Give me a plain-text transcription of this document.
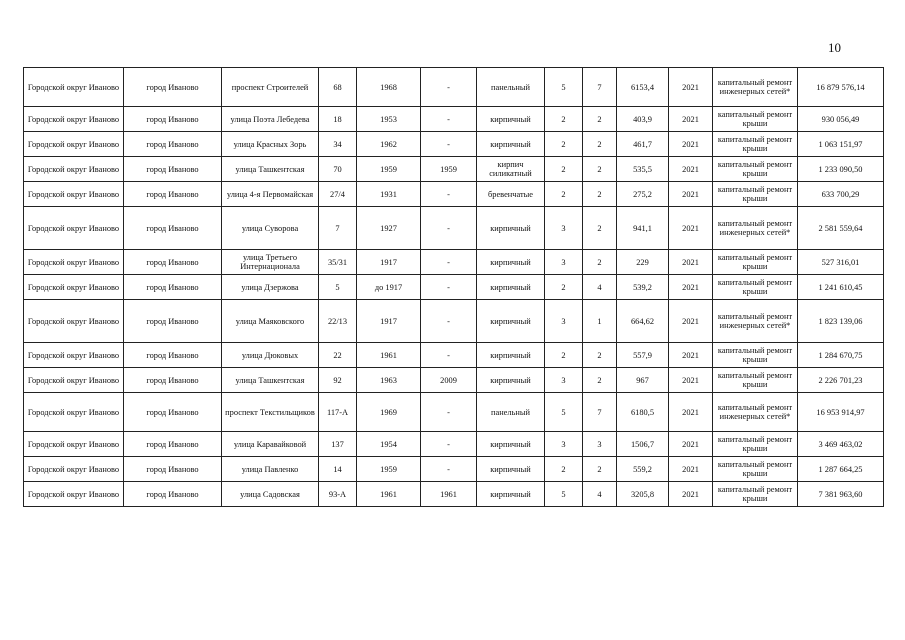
10
Городской округ Иваново	город Иваново	проспект Строителей	68	1968	-	панельный	5	7	6153,4	2021	капитальный ремонт инженерных сетей*	16 879 576,14
Городской округ Иваново	город Иваново	улица Поэта Лебедева	18	1953	-	кирпичный	2	2	403,9	2021	капитальный ремонт крыши	930 056,49
Городской округ Иваново	город Иваново	улица Красных Зорь	34	1962	-	кирпичный	2	2	461,7	2021	капитальный ремонт крыши	1 063 151,97
Городской округ Иваново	город Иваново	улица Ташкентская	70	1959	1959	кирпич силикатный	2	2	535,5	2021	капитальный ремонт крыши	1 233 090,50
Городской округ Иваново	город Иваново	улица 4-я Первомайская	27/4	1931	-	бревенчатые	2	2	275,2	2021	капитальный ремонт крыши	633 700,29
Городской округ Иваново	город Иваново	улица Суворова	7	1927	-	кирпичный	3	2	941,1	2021	капитальный ремонт инженерных сетей*	2 581 559,64
Городской округ Иваново	город Иваново	улица Третьего Интернационала	35/31	1917	-	кирпичный	3	2	229	2021	капитальный ремонт крыши	527 316,01
Городской округ Иваново	город Иваново	улица Дзержова	5	до 1917	-	кирпичный	2	4	539,2	2021	капитальный ремонт крыши	1 241 610,45
Городской округ Иваново	город Иваново	улица Маяковского	22/13	1917	-	кирпичный	3	1	664,62	2021	капитальный ремонт инженерных сетей*	1 823 139,06
Городской округ Иваново	город Иваново	улица Дюковых	22	1961	-	кирпичный	2	2	557,9	2021	капитальный ремонт крыши	1 284 670,75
Городской округ Иваново	город Иваново	улица Ташкентская	92	1963	2009	кирпичный	3	2	967	2021	капитальный ремонт крыши	2 226 701,23
Городской округ Иваново	город Иваново	проспект Текстильщиков	117-А	1969	-	панельный	5	7	6180,5	2021	капитальный ремонт инженерных сетей*	16 953 914,97
Городской округ Иваново	город Иваново	улица Каравайковой	137	1954	-	кирпичный	3	3	1506,7	2021	капитальный ремонт крыши	3 469 463,02
Городской округ Иваново	город Иваново	улица Павленко	14	1959	-	кирпичный	2	2	559,2	2021	капитальный ремонт крыши	1 287 664,25
Городской округ Иваново	город Иваново	улица Садовская	93-А	1961	1961	кирпичный	5	4	3205,8	2021	капитальный ремонт крыши	7 381 963,60
